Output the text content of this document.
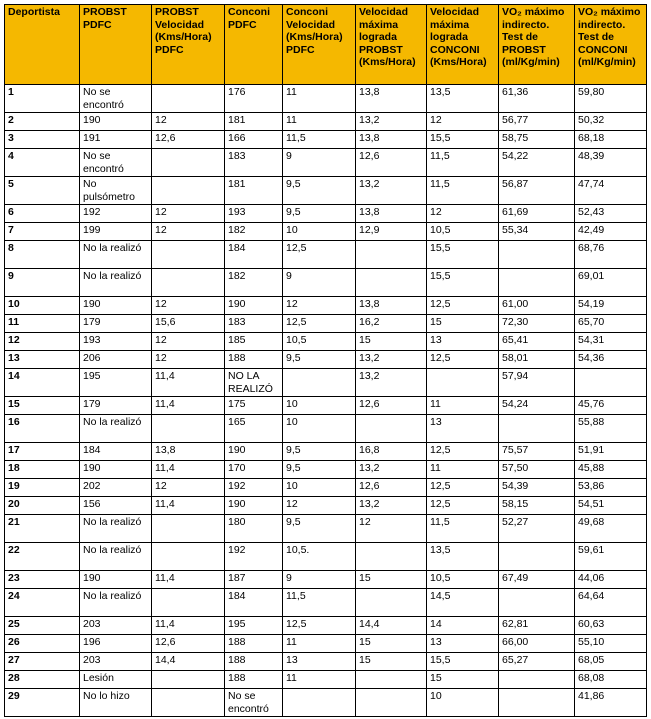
Deportista	PROBST PDFC	PROBST Velocidad (Kms/Hora) PDFC	Conconi PDFC	Conconi Velocidad (Kms/Hora) PDFC	Velocidad máxima lograda PROBST (Kms/Hora)	Velocidad máxima lograda CONCONI (Kms/Hora)	VO₂ máximo indirecto. Test de PROBST (ml/Kg/min)	VO₂ máximo indirecto. Test de CONCONI (ml/Kg/min)
1	No se encontró		176	11	13,8	13,5	61,36	59,80
2	190	12	181	11	13,2	12	56,77	50,32
3	191	12,6	166	11,5	13,8	15,5	58,75	68,18
4	No se encontró		183	9	12,6	11,5	54,22	48,39
5	No pulsómetro		181	9,5	13,2	11,5	56,87	47,74
6	192	12	193	9,5	13,8	12	61,69	52,43
7	199	12	182	10	12,9	10,5	55,34	42,49
8	No la realizó		184	12,5		15,5		68,76
9	No la realizó		182	9		15,5		69,01
10	190	12	190	12	13,8	12,5	61,00	54,19
11	179	15,6	183	12,5	16,2	15	72,30	65,70
12	193	12	185	10,5	15	13	65,41	54,31
13	206	12	188	9,5	13,2	12,5	58,01	54,36
14	195	11,4	NO LA REALIZÓ		13,2		57,94	
15	179	11,4	175	10	12,6	11	54,24	45,76
16	No la realizó		165	10		13		55,88
17	184	13,8	190	9,5	16,8	12,5	75,57	51,91
18	190	11,4	170	9,5	13,2	11	57,50	45,88
19	202	12	192	10	12,6	12,5	54,39	53,86
20	156	11,4	190	12	13,2	12,5	58,15	54,51
21	No la realizó		180	9,5	12	11,5	52,27	49,68
22	No la realizó		192	10,5.		13,5		59,61
23	190	11,4	187	9	15	10,5	67,49	44,06
24	No la realizó		184	11,5		14,5		64,64
25	203	11,4	195	12,5	14,4	14	62,81	60,63
26	196	12,6	188	11	15	13	66,00	55,10
27	203	14,4	188	13	15	15,5	65,27	68,05
28	Lesión		188	11		15		68,08
29	No lo hizo		No se encontró			10		41,86
